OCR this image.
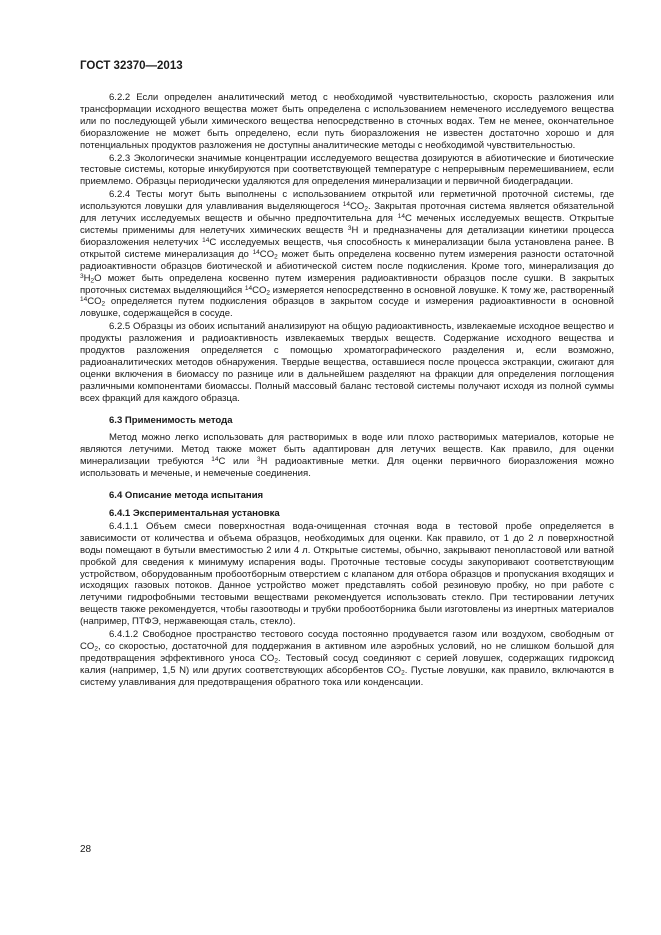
ГОСТ 32370—2013

6.2.2 Если определен аналитический метод с необходимой чувствительностью, скорость разложения или трансформации исходного вещества может быть определена с использованием немеченого исследуемого вещества или по последующей убыли химического вещества непосредственно в сточных водах. Тем не менее, окончательное биоразложение не может быть определено, если путь биоразложения не известен достаточно хорошо и для потенциальных продуктов разложения не доступны аналитические методы с необходимой чувствительностью.

6.2.3 Экологически значимые концентрации исследуемого вещества дозируются в абиотические и биотические тестовые системы, которые инкубируются при соответствующей температуре с непрерывным перемешиванием, если приемлемо. Образцы периодически удаляются для определения минерализации и первичной биодеградации.

6.2.4 Тесты могут быть выполнены с использованием открытой или герметичной проточной системы, где используются ловушки для улавливания выделяющегося $^{14}CO_2$. Закрытая проточная система является обязательной для летучих исследуемых веществ и обычно предпочтительна для $^{14}$C меченых исследуемых веществ. Открытые системы применимы для нелетучих химических веществ $^3$H и предназначены для детализации кинетики процесса биоразложения нелетучих $^{14}$C исследуемых веществ, чья способность к минерализации была установлена ранее. В открытой системе минерализация до $^{14}CO_2$ может быть определена косвенно путем измерения разности остаточной радиоактивности образцов биотической и абиотической систем после подкисления. Кроме того, минерализация до $^3H_2O$ может быть определена косвенно путем измерения радиоактивности образцов после сушки. В закрытых проточных системах выделяющийся $^{14}CO_2$ измеряется непосредственно в основной ловушке. К тому же, растворенный $^{14}CO_2$ определяется путем подкисления образцов в закрытом сосуде и измерения радиоактивности в основной ловушке, содержащейся в сосуде.

6.2.5 Образцы из обоих испытаний анализируют на общую радиоактивность, извлекаемые исходное вещество и продукты разложения и радиоактивность извлекаемых твердых веществ. Содержание исходного вещества и продуктов разложения определяется с помощью хроматографического разделения и, если возможно, радиоаналитических методов обнаружения. Твердые вещества, оставшиеся после процесса экстракции, сжигают для оценки включения в биомассу по разнице или в дальнейшем разделяют на фракции для определения поглощения различными компонентами биомассы. Полный массовый баланс тестовой системы получают исходя из полной суммы всех фракций для каждого образца.

6.3 Применимость метода

Метод можно легко использовать для растворимых в воде или плохо растворимых материалов, которые не являются летучими. Метод также может быть адаптирован для летучих веществ. Как правило, для оценки минерализации требуются $^{14}$C или $^3$H радиоактивные метки. Для оценки первичного биоразложения можно использовать и меченые, и немеченые соединения.

6.4 Описание метода испытания

6.4.1 Экспериментальная установка

6.4.1.1 Объем смеси поверхностная вода-очищенная сточная вода в тестовой пробе определяется в зависимости от количества и объема образцов, необходимых для оценки. Как правило, от 1 до 2 л поверхностной воды помещают в бутыли вместимостью 2 или 4 л. Открытые системы, обычно, закрывают пенопластовой или ватной пробкой для сведения к минимуму испарения воды. Проточные тестовые сосуды закупоривают соответствующим устройством, оборудованным пробоотборным отверстием с клапаном для отбора образцов и пропускания входящих и исходящих газовых потоков. Данное устройство может представлять собой резиновую пробку, но при работе с летучими гидрофобными тестовыми веществами рекомендуется использовать стекло. При тестировании летучих веществ также рекомендуется, чтобы газоотводы и трубки пробоотборника были изготовлены из инертных материалов (например, ПТФЭ, нержавеющая сталь, стекло).

6.4.1.2 Свободное пространство тестового сосуда постоянно продувается газом или воздухом, свободным от $CO_2$, со скоростью, достаточной для поддержания в активном иле аэробных условий, но не слишком большой для предотвращения эффективного уноса $CO_2$. Тестовый сосуд соединяют с серией ловушек, содержащих гидроксид калия (например, 1,5 N) или других соответствующих абсорбентов $CO_2$. Пустые ловушки, как правило, включаются в систему улавливания для предотвращения обратного тока или конденсации.

28
